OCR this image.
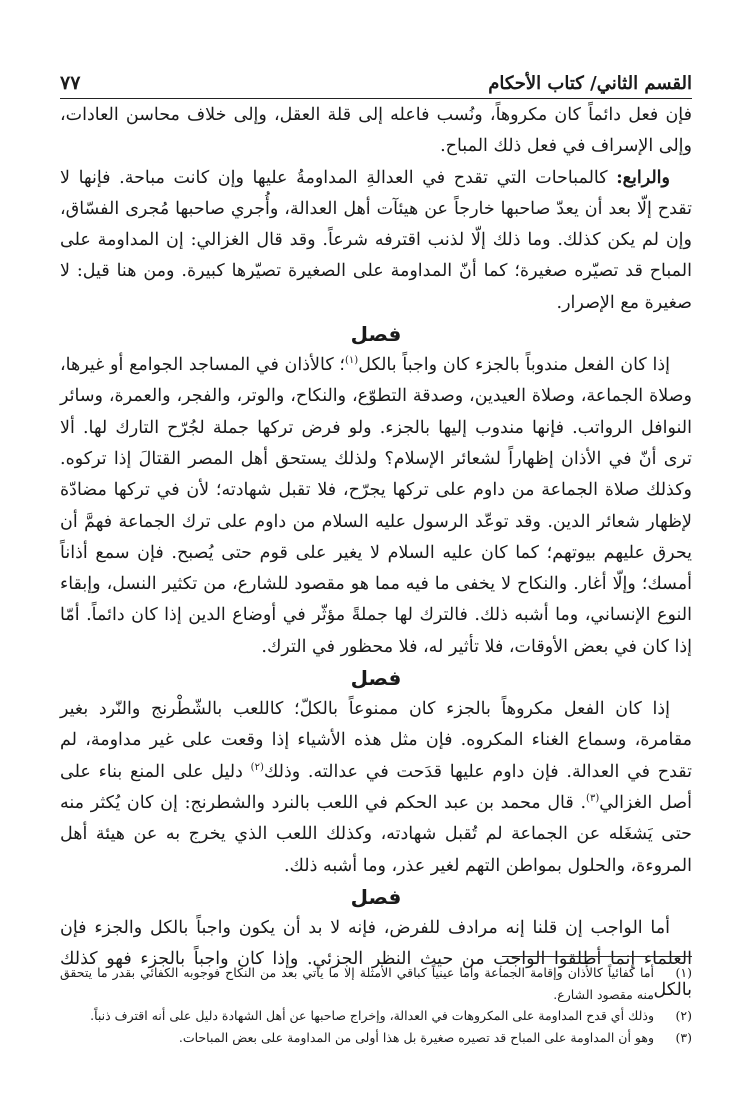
٧٧	القسم الثاني/ كتاب الأحكام

فإن فعل دائماً كان مكروهاً، ونُسب فاعله إلى قلة العقل، وإلى خلاف محاسن العادات، وإلى الإسراف في فعل ذلك المباح.

والرابع: كالمباحات التي تقدح في العدالةِ المداومةُ عليها وإن كانت مباحة. فإنها لا تقدح إلّا بعد أن يعدّ صاحبها خارجاً عن هيئآت أهل العدالة، وأُجري صاحبها مُجرى الفسّاق، وإن لم يكن كذلك. وما ذلك إلّا لذنب اقترفه شرعاً. وقد قال الغزالي: إن المداومة على المباح قد تصيّره صغيرة؛ كما أنّ المداومة على الصغيرة تصيّرها كبيرة. ومن هنا قيل: لا صغيرة مع الإصرار.

فصل

إذا كان الفعل مندوباً بالجزء كان واجباً بالكل$^{(١)}$؛ كالأذان في المساجد الجوامع أو غيرها، وصلاة الجماعة، وصلاة العيدين، وصدقة التطوّع، والنكاح، والوتر، والفجر، والعمرة، وسائر النوافل الرواتب. فإنها مندوب إليها بالجزء. ولو فرض تركها جملة لجُرّح التارك لها. ألا ترى أنّ في الأذان إظهاراً لشعائر الإسلام؟ ولذلك يستحق أهل المصر القتالَ إذا تركوه. وكذلك صلاة الجماعة من داوم على تركها يجرّح، فلا تقبل شهادته؛ لأن في تركها مضادّة لإظهار شعائر الدين. وقد توعّد الرسول عليه السلام من داوم على ترك الجماعة فهمَّ أن يحرق عليهم بيوتهم؛ كما كان عليه السلام لا يغير على قوم حتى يُصبح. فإن سمع أذاناً أمسك؛ وإلّا أغار. والنكاح لا يخفى ما فيه مما هو مقصود للشارع، من تكثير النسل، وإبقاء النوع الإنساني، وما أشبه ذلك. فالترك لها جملةً مؤثّر في أوضاع الدين إذا كان دائماً. أمّا إذا كان في بعض الأوقات، فلا تأثير له، فلا محظور في الترك.

فصل

إذا كان الفعل مكروهاً بالجزء كان ممنوعاً بالكلّ؛ كاللعب بالشّطْرنج والنّرد بغير مقامرة، وسماع الغناء المكروه. فإن مثل هذه الأشياء إذا وقعت على غير مداومة، لم تقدح في العدالة. فإن داوم عليها قدَحت في عدالته. وذلك$^{(٢)}$ دليل على المنع بناء على أصل الغزالي$^{(٣)}$. قال محمد بن عبد الحكم في اللعب بالنرد والشطرنج: إن كان يُكثر منه حتى يَشغَله عن الجماعة لم تُقبل شهادته، وكذلك اللعب الذي يخرج به عن هيئة أهل المروءة، والحلول بمواطن التهم لغير عذر، وما أشبه ذلك.

فصل

أما الواجب إن قلنا إنه مرادف للفرض، فإنه لا بد أن يكون واجباً بالكل والجزء فإن العلماء إنما أطلقوا الواجب من حيث النظر الجزئي. وإذا كان واجباً بالجزء فهو كذلك بالكل

(١)
أما كفائياً كالأذان وإقامة الجماعة وأما عينياً كباقي الأمثلة إلا ما يأتي بعد من النكاح فوجوبه الكفائي بقدر ما يتحقق منه مقصود الشارع.
(٢)
وذلك أي قدح المداومة على المكروهات في العدالة، وإخراج صاحبها عن أهل الشهادة دليل على أنه اقترف ذنباً.
(٣)
وهو أن المداومة على المباح قد تصيره صغيرة بل هذا أولى من المداومة على بعض المباحات.
